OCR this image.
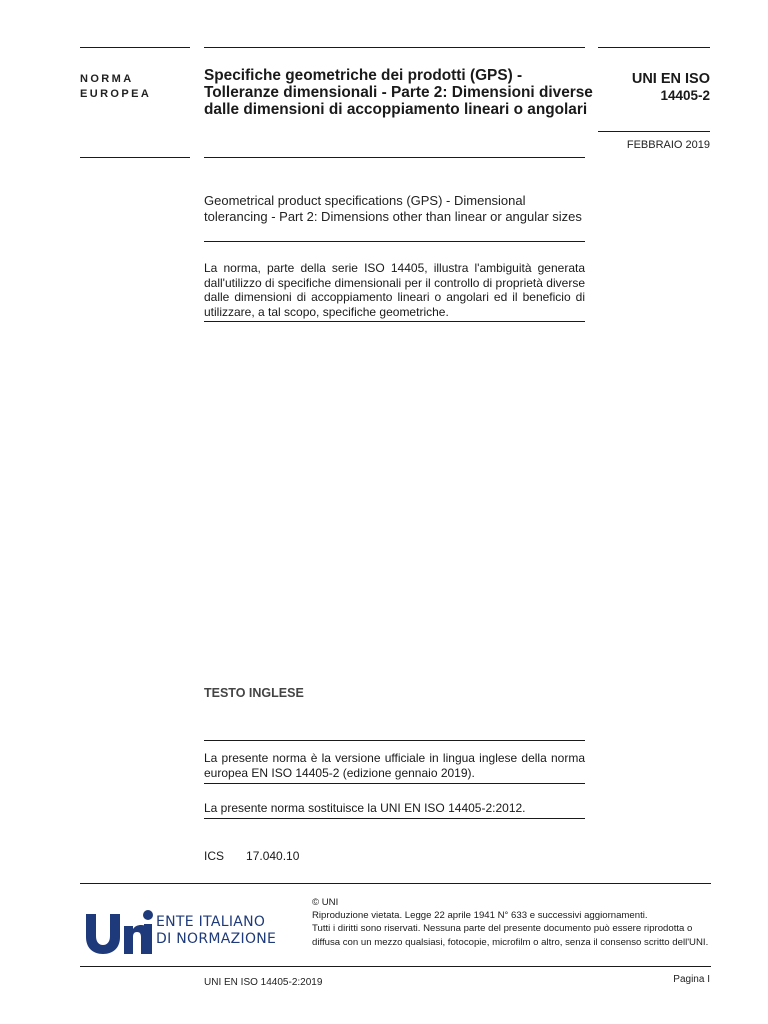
NORMA
EUROPEA
Specifiche geometriche dei prodotti (GPS) - Tolleranze dimensionali - Parte 2: Dimensioni diverse dalle dimensioni di accoppiamento lineari o angolari
UNI EN ISO
14405-2
FEBBRAIO 2019
Geometrical product specifications (GPS) - Dimensional tolerancing - Part 2: Dimensions other than linear or angular sizes
La norma, parte della serie ISO 14405, illustra l'ambiguità generata dall'utilizzo di specifiche dimensionali per il controllo di proprietà diverse dalle dimensioni di accoppiamento lineari o angolari ed il beneficio di utilizzare, a tal scopo, specifiche geometriche.
TESTO INGLESE
La presente norma è la versione ufficiale in lingua inglese della norma europea EN ISO 14405-2 (edizione gennaio 2019).
La presente norma sostituisce la UNI EN ISO 14405-2:2012.
ICS 17.040.10
ENTE ITALIANO
DI NORMAZIONE
© UNI
Riproduzione vietata. Legge 22 aprile 1941 N° 633 e successivi aggiornamenti.
Tutti i diritti sono riservati. Nessuna parte del presente documento può essere riprodotta o diffusa con un mezzo qualsiasi, fotocopie, microfilm o altro, senza il consenso scritto dell'UNI.
UNI EN ISO 14405-2:2019	Pagina I
